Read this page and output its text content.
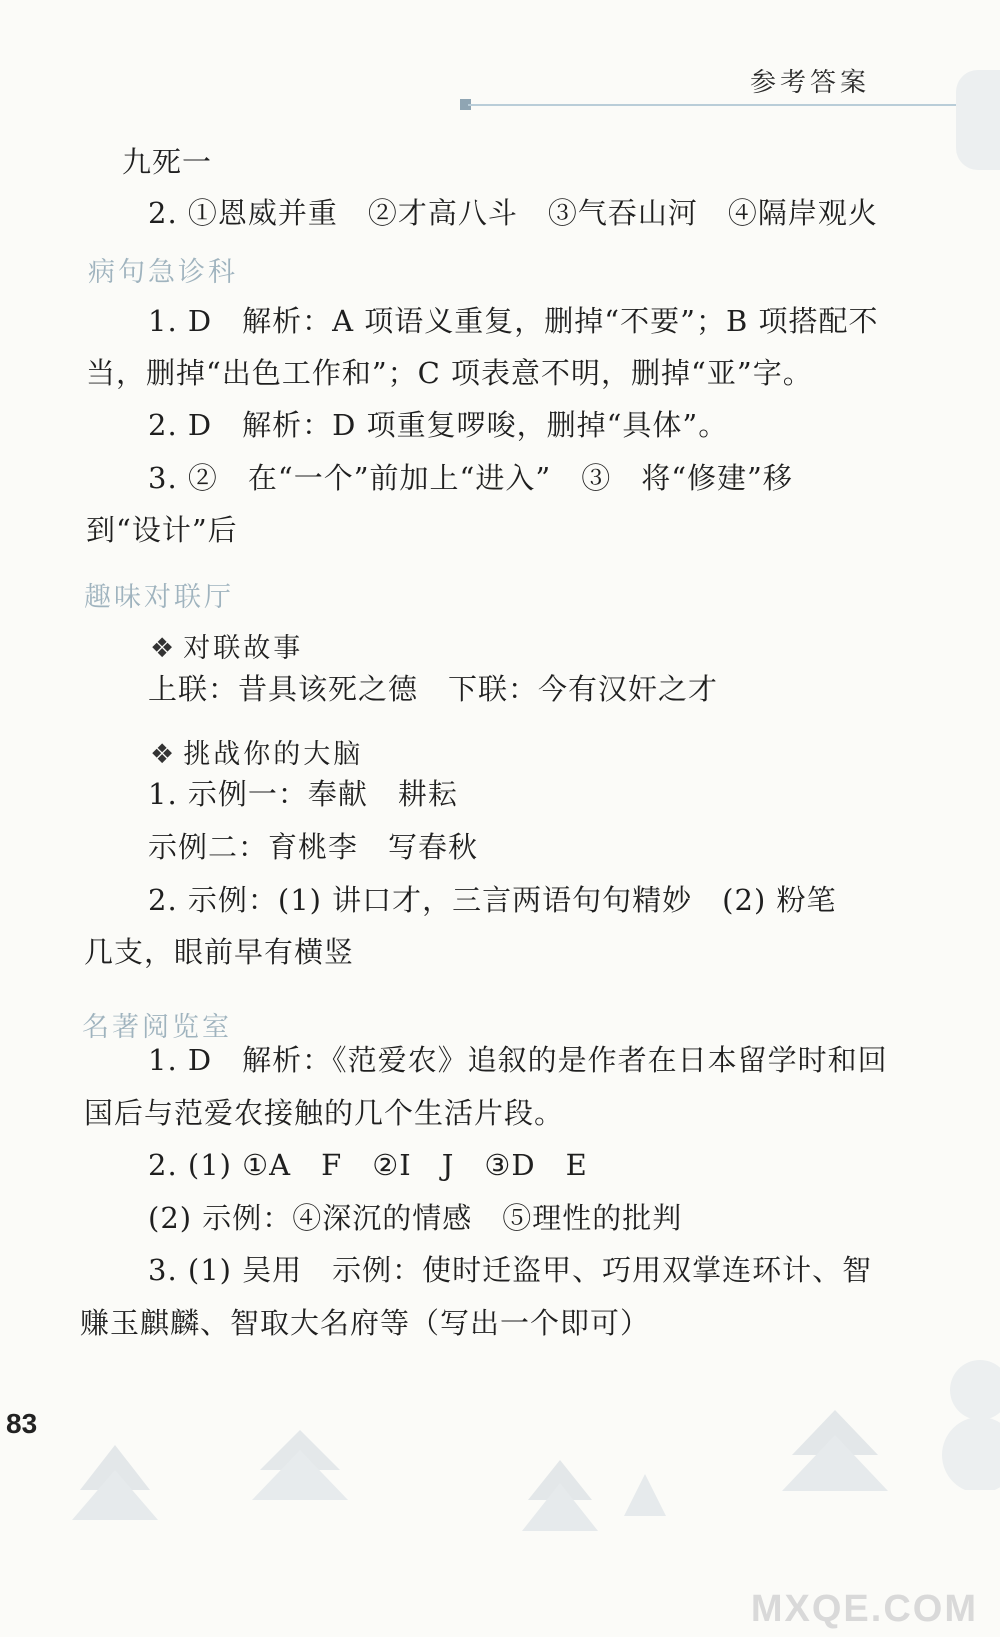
参考答案
九死一
2. ①恩威并重　②才高八斗　③气吞山河　④隔岸观火
1. D　解析：A 项语义重复，删掉“不要”；B 项搭配不
当，删掉“出色工作和”；C 项表意不明，删掉“亚”字。
2. D　解析：D 项重复啰唆，删掉“具体”。
3. ②　在“一个”前加上“进入”　③　将“修建”移
到“设计”后
上联：昔具该死之德　下联：今有汉奸之才
1. 示例一：奉献　耕耘
示例二：育桃李　写春秋
2. 示例：(1) 讲口才，三言两语句句精妙　(2) 粉笔
几支，眼前早有横竖
1. D　解析：《范爱农》追叙的是作者在日本留学时和回
国后与范爱农接触的几个生活片段。
2. (1) ①A　F　②I　J　③D　E
(2) 示例：④深沉的情感　⑤理性的批判
3. (1) 吴用　示例：使时迁盗甲、巧用双掌连环计、智
赚玉麒麟、智取大名府等（写出一个即可）
病句急诊科
趣味对联厅
名著阅览室
❖ 对联故事
❖ 挑战你的大脑
83
MXQE.COM
